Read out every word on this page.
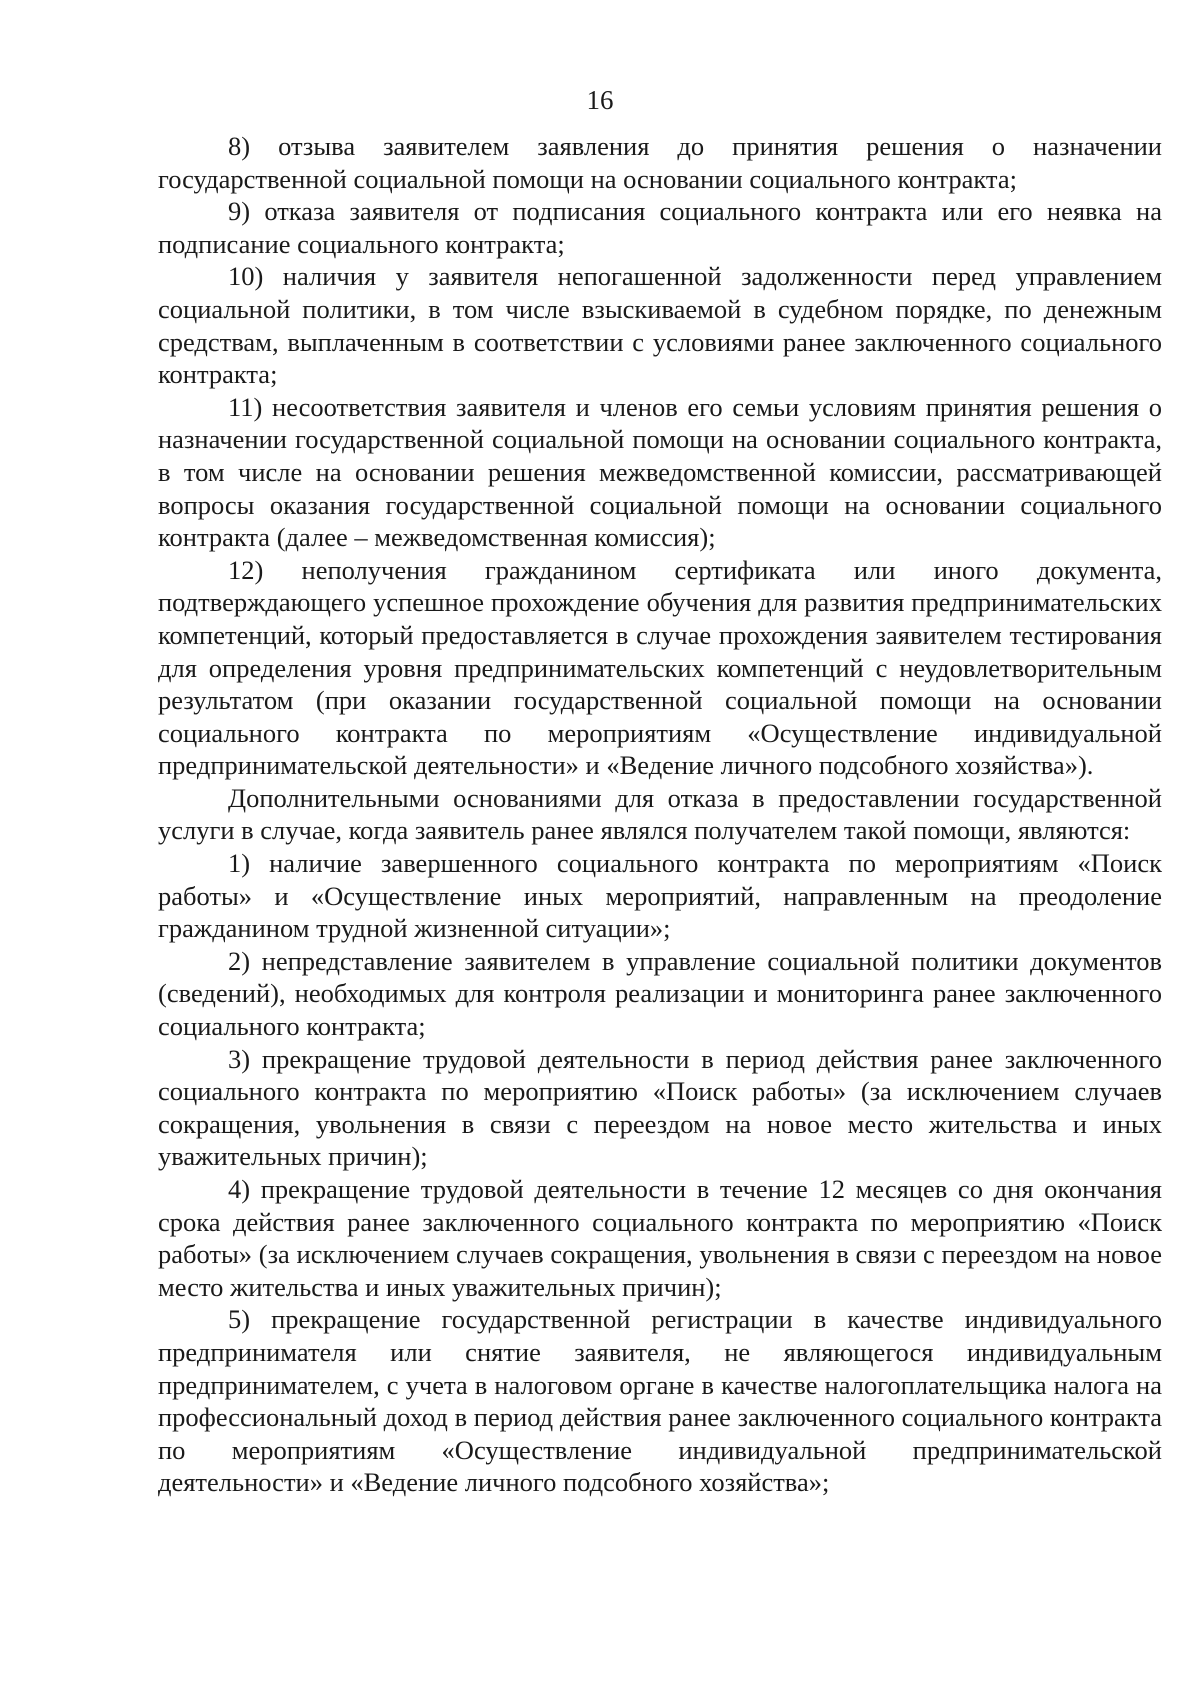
16

8) отзыва заявителем заявления до принятия решения о назначении государственной социальной помощи на основании социального контракта;

9) отказа заявителя от подписания социального контракта или его неявка на подписание социального контракта;

10) наличия у заявителя непогашенной задолженности перед управлением социальной политики, в том числе взыскиваемой в судебном порядке, по денежным средствам, выплаченным в соответствии с условиями ранее заключенного социального контракта;

11) несоответствия заявителя и членов его семьи условиям принятия решения о назначении государственной социальной помощи на основании социального контракта, в том числе на основании решения межведомственной комиссии, рассматривающей вопросы оказания государственной социальной помощи на основании социального контракта (далее – межведомственная комиссия);

12) неполучения гражданином сертификата или иного документа, подтверждающего успешное прохождение обучения для развития предпринимательских компетенций, который предоставляется в случае прохождения заявителем тестирования для определения уровня предпринимательских компетенций с неудовлетворительным результатом (при оказании государственной социальной помощи на основании социального контракта по мероприятиям «Осуществление индивидуальной предпринимательской деятельности» и «Ведение личного подсобного хозяйства»).

Дополнительными основаниями для отказа в предоставлении государственной услуги в случае, когда заявитель ранее являлся получателем такой помощи, являются:

1) наличие завершенного социального контракта по мероприятиям «Поиск работы» и «Осуществление иных мероприятий, направленным на преодоление гражданином трудной жизненной ситуации»;

2) непредставление заявителем в управление социальной политики документов (сведений), необходимых для контроля реализации и мониторинга ранее заключенного социального контракта;

3) прекращение трудовой деятельности в период действия ранее заключенного социального контракта по мероприятию «Поиск работы» (за исключением случаев сокращения, увольнения в связи с переездом на новое место жительства и иных уважительных причин);

4) прекращение трудовой деятельности в течение 12 месяцев со дня окончания срока действия ранее заключенного социального контракта по мероприятию «Поиск работы» (за исключением случаев сокращения, увольнения в связи с переездом на новое место жительства и иных уважительных причин);

5) прекращение государственной регистрации в качестве индивидуального предпринимателя или снятие заявителя, не являющегося индивидуальным предпринимателем, с учета в налоговом органе в качестве налогоплательщика налога на профессиональный доход в период действия ранее заключенного социального контракта по мероприятиям «Осуществление индивидуальной предпринимательской деятельности» и «Ведение личного подсобного хозяйства»;
